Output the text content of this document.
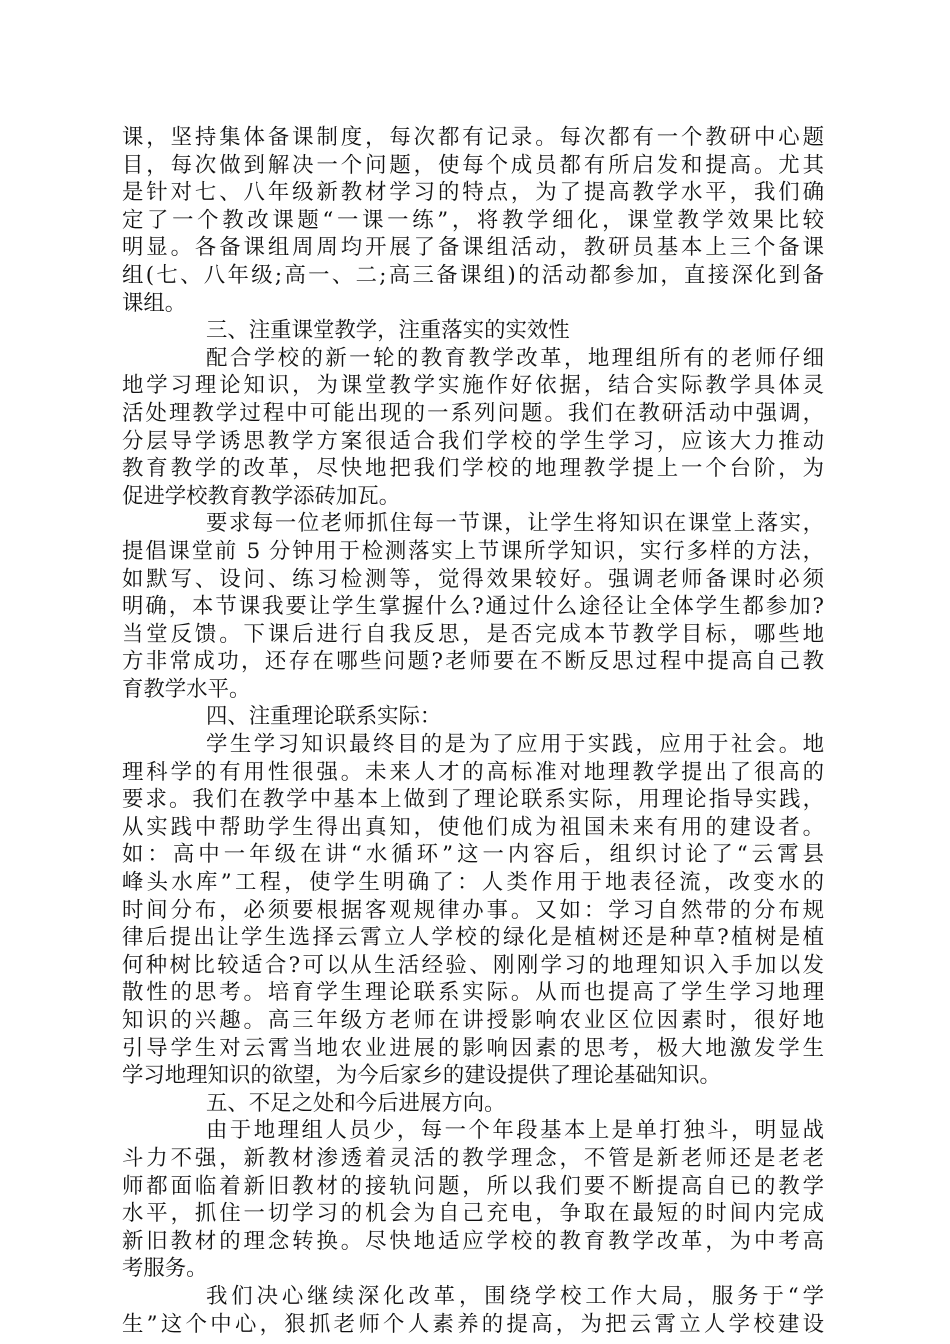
课，坚持集体备课制度，每次都有记录。每次都有一个教研中心题
目，每次做到解决一个问题，使每个成员都有所启发和提高。尤其
是针对七、八年级新教材学习的特点，为了提高教学水平，我们确
定了一个教改课题“一课一练”，将教学细化，课堂教学效果比较
明显。各备课组周周均开展了备课组活动，教研员基本上三个备课
组(七、八年级;高一、二;高三备课组)的活动都参加，直接深化到备
课组。
三、注重课堂教学，注重落实的实效性
配合学校的新一轮的教育教学改革，地理组所有的老师仔细
地学习理论知识，为课堂教学实施作好依据，结合实际教学具体灵
活处理教学过程中可能出现的一系列问题。我们在教研活动中强调，
分层导学诱思教学方案很适合我们学校的学生学习，应该大力推动
教育教学的改革，尽快地把我们学校的地理教学提上一个台阶，为
促进学校教育教学添砖加瓦。
要求每一位老师抓住每一节课，让学生将知识在课堂上落实，
提倡课堂前 5 分钟用于检测落实上节课所学知识，实行多样的方法，
如默写、设问、练习检测等，觉得效果较好。强调老师备课时必须
明确，本节课我要让学生掌握什么?通过什么途径让全体学生都参加?
当堂反馈。下课后进行自我反思，是否完成本节教学目标，哪些地
方非常成功，还存在哪些问题?老师要在不断反思过程中提高自己教
育教学水平。
四、注重理论联系实际：
学生学习知识最终目的是为了应用于实践，应用于社会。地
理科学的有用性很强。未来人才的高标准对地理教学提出了很高的
要求。我们在教学中基本上做到了理论联系实际，用理论指导实践，
从实践中帮助学生得出真知，使他们成为祖国未来有用的建设者。
如：高中一年级在讲“水循环”这一内容后，组织讨论了“云霄县
峰头水库”工程，使学生明确了：人类作用于地表径流，改变水的
时间分布，必须要根据客观规律办事。又如：学习自然带的分布规
律后提出让学生选择云霄立人学校的绿化是植树还是种草?植树是植
何种树比较适合?可以从生活经验、刚刚学习的地理知识入手加以发
散性的思考。培育学生理论联系实际。从而也提高了学生学习地理
知识的兴趣。高三年级方老师在讲授影响农业区位因素时，很好地
引导学生对云霄当地农业进展的影响因素的思考，极大地激发学生
学习地理知识的欲望，为今后家乡的建设提供了理论基础知识。
五、不足之处和今后进展方向。
由于地理组人员少，每一个年段基本上是单打独斗，明显战
斗力不强，新教材渗透着灵活的教学理念，不管是新老师还是老老
师都面临着新旧教材的接轨问题，所以我们要不断提高自已的教学
水平，抓住一切学习的机会为自己充电，争取在最短的时间内完成
新旧教材的理念转换。尽快地适应学校的教育教学改革，为中考高
考服务。
我们决心继续深化改革，围绕学校工作大局，服务于“学
生”这个中心，狠抓老师个人素养的提高，为把云霄立人学校建设
